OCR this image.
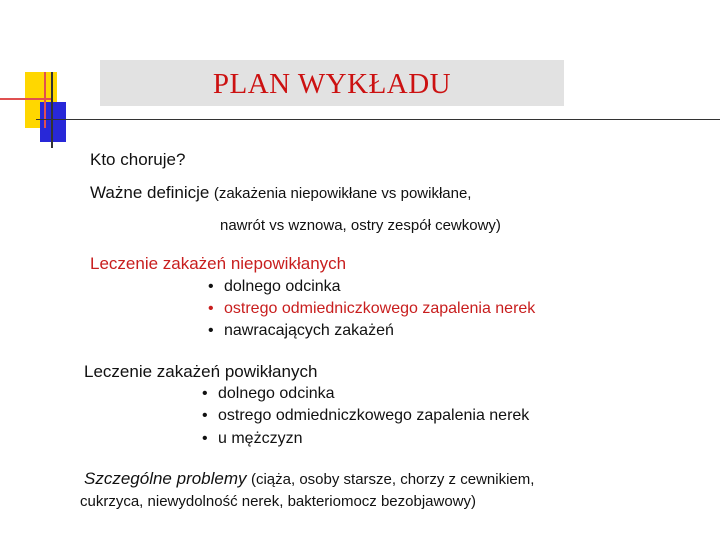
PLAN WYKŁADU
Kto choruje?
Ważne definicje (zakażenia niepowikłane vs powikłane,
nawrót vs wznowa, ostry zespół cewkowy)
Leczenie zakażeń niepowikłanych
• dolnego odcinka
• ostrego odmiedniczkowego zapalenia nerek
• nawracających zakażeń
Leczenie zakażeń powikłanych
• dolnego odcinka
• ostrego odmiedniczkowego zapalenia nerek
• u mężczyzn
Szczególne problemy (ciąża, osoby starsze, chorzy z cewnikiem,
cukrzyca, niewydolność nerek, bakteriomocz bezobjawowy)
